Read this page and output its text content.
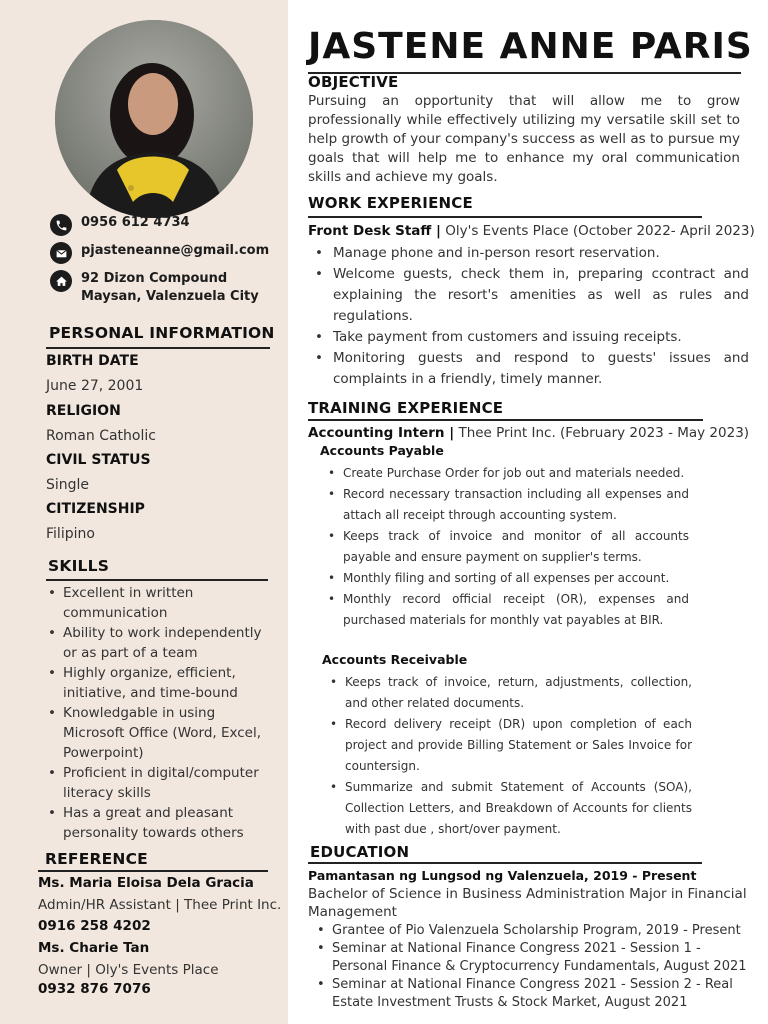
0956 612 4734
pjasteneanne@gmail.com
92 Dizon Compound
Maysan, Valenzuela City
PERSONAL INFORMATION
BIRTH DATE
June 27, 2001
RELIGION
Roman Catholic
CIVIL STATUS
Single
CITIZENSHIP
Filipino
SKILLS
• Excellent in written communication
• Ability to work independently or as part of a team
• Highly organize, efficient, initiative, and time-bound
• Knowledgable in using Microsoft Office (Word, Excel, Powerpoint)
• Proficient in digital/computer literacy skills
• Has a great and pleasant personality towards others
REFERENCE
Ms. Maria Eloisa Dela Gracia
Admin/HR Assistant | Thee Print Inc.
0916 258 4202
Ms. Charie Tan
Owner | Oly's Events Place
0932 876 7076
JASTENE ANNE PARIS
OBJECTIVE
Pursuing an opportunity that will allow me to grow professionally while effectively utilizing my versatile skill set to help growth of your company's success as well as to pursue my goals that will help me to enhance my oral communication skills and achieve my goals.
WORK EXPERIENCE
Front Desk Staff | Oly's Events Place (October 2022- April 2023)
• Manage phone and in-person resort reservation.
• Welcome guests, check them in, preparing ccontract and explaining the resort's amenities as well as rules and regulations.
• Take payment from customers and issuing receipts.
• Monitoring guests and respond to guests' issues and complaints in a friendly, timely manner.
TRAINING EXPERIENCE
Accounting Intern | Thee Print Inc. (February 2023 - May 2023)
Accounts Payable
• Create Purchase Order for job out and materials needed.
• Record necessary transaction including all expenses and attach all receipt through accounting system.
• Keeps track of invoice and monitor of all accounts payable and ensure payment on supplier's terms.
• Monthly filing and sorting of all expenses per account.
• Monthly record official receipt (OR), expenses and purchased materials for monthly vat payables at BIR.
Accounts Receivable
• Keeps track of invoice, return, adjustments, collection, and other related documents.
• Record delivery receipt (DR) upon completion of each project and provide Billing Statement or Sales Invoice for countersign.
• Summarize and submit Statement of Accounts (SOA), Collection Letters, and Breakdown of Accounts for clients with past due , short/over payment.
EDUCATION
Pamantasan ng Lungsod ng Valenzuela, 2019 - Present
Bachelor of Science in Business Administration Major in Financial Management
• Grantee of Pio Valenzuela Scholarship Program, 2019 - Present
• Seminar at National Finance Congress 2021 - Session 1 - Personal Finance & Cryptocurrency Fundamentals, August 2021
• Seminar at National Finance Congress 2021 - Session 2 - Real Estate Investment Trusts & Stock Market, August 2021
